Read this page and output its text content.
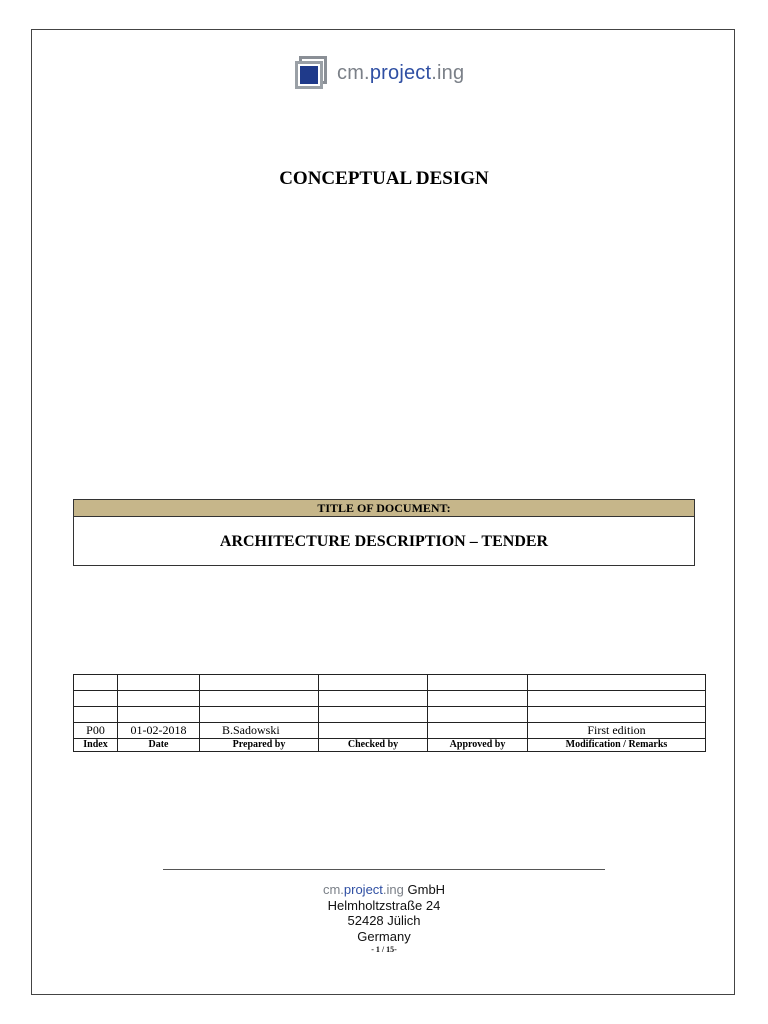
cm.project.ing
CONCEPTUAL DESIGN
TITLE OF DOCUMENT:
ARCHITECTURE DESCRIPTION – TENDER

P00	01-02-2018	B.Sadowski			First edition
Index	Date	Prepared by	Checked by	Approved by	Modification / Remarks
cm.project.ing GmbH
Helmholtzstraße 24
52428 Jülich
Germany
- 1 / 15-
